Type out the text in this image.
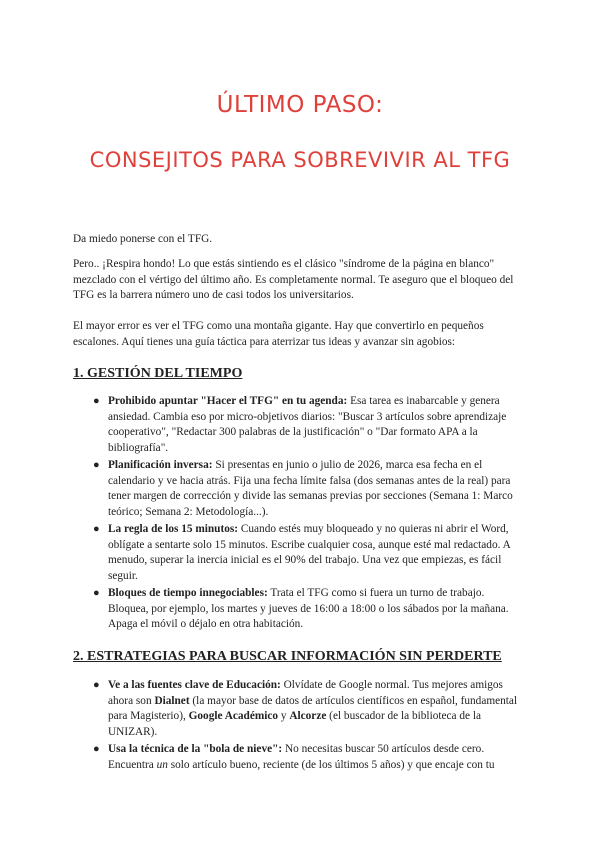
ÚLTIMO PASO:
CONSEJITOS PARA SOBREVIVIR AL TFG

Da miedo ponerse con el TFG.

Pero.. ¡Respira hondo! Lo que estás sintiendo es el clásico "síndrome de la página en blanco" mezclado con el vértigo del último año. Es completamente normal. Te aseguro que el bloqueo del TFG es la barrera número uno de casi todos los universitarios.

El mayor error es ver el TFG como una montaña gigante. Hay que convertirlo en pequeños escalones. Aquí tienes una guía táctica para aterrizar tus ideas y avanzar sin agobios:

1. GESTIÓN DEL TIEMPO
● Prohibido apuntar "Hacer el TFG" en tu agenda: Esa tarea es inabarcable y genera ansiedad. Cambia eso por micro-objetivos diarios: "Buscar 3 artículos sobre aprendizaje cooperativo", "Redactar 300 palabras de la justificación" o "Dar formato APA a la bibliografía".
● Planificación inversa: Si presentas en junio o julio de 2026, marca esa fecha en el calendario y ve hacia atrás. Fija una fecha límite falsa (dos semanas antes de la real) para tener margen de corrección y divide las semanas previas por secciones (Semana 1: Marco teórico; Semana 2: Metodología...).
● La regla de los 15 minutos: Cuando estés muy bloqueado y no quieras ni abrir el Word, oblígate a sentarte solo 15 minutos. Escribe cualquier cosa, aunque esté mal redactado. A menudo, superar la inercia inicial es el 90% del trabajo. Una vez que empiezas, es fácil seguir.
● Bloques de tiempo innegociables: Trata el TFG como si fuera un turno de trabajo. Bloquea, por ejemplo, los martes y jueves de 16:00 a 18:00 o los sábados por la mañana. Apaga el móvil o déjalo en otra habitación.
2. ESTRATEGIAS PARA BUSCAR INFORMACIÓN SIN PERDERTE
● Ve a las fuentes clave de Educación: Olvídate de Google normal. Tus mejores amigos ahora son Dialnet (la mayor base de datos de artículos científicos en español, fundamental para Magisterio), Google Académico y Alcorze (el buscador de la biblioteca de la UNIZAR).
● Usa la técnica de la "bola de nieve": No necesitas buscar 50 artículos desde cero. Encuentra un solo artículo bueno, reciente (de los últimos 5 años) y que encaje con tu
